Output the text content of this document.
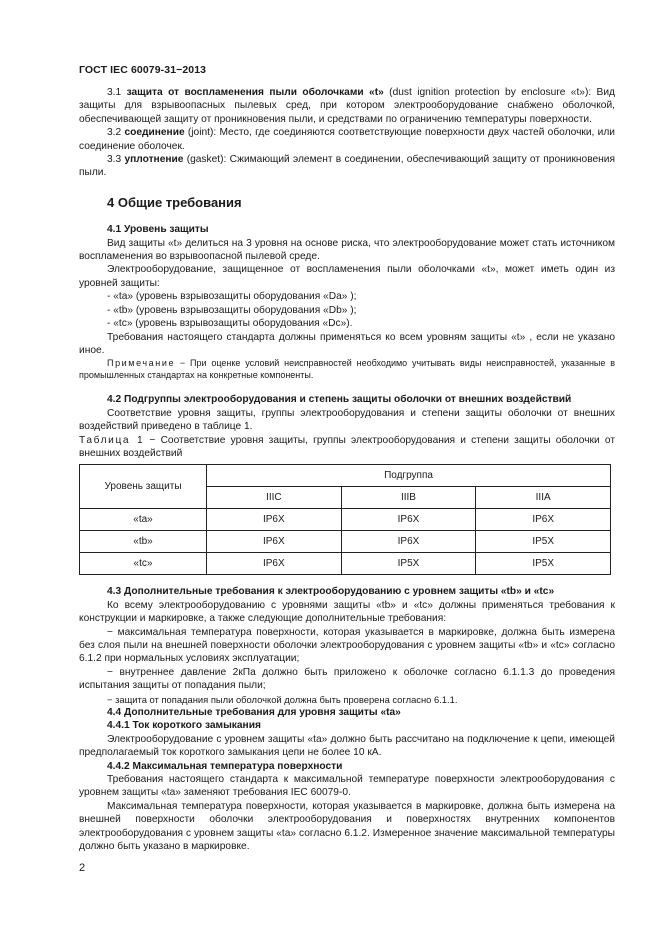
ГОСТ IEC 60079-31−2013

3.1 защита от воспламенения пыли оболочками «t» (dust ignition protection by enclosure «t»): Вид защиты для взрывоопасных пылевых сред, при котором электрооборудование снабжено оболочкой, обеспечивающей защиту от проникновения пыли, и средствами по ограничению температуры поверхности.

3.2 соединение (joint): Место, где соединяются соответствующие поверхности двух частей оболочки, или соединение оболочек.

3.3 уплотнение (gasket): Сжимающий элемент в соединении, обеспечивающий защиту от проникновения пыли.

4 Общие требования

4.1 Уровень защиты

Вид защиты «t» делиться на 3 уровня на основе риска, что электрооборудование может стать источником воспламенения во взрывоопасной пылевой среде.

Электрооборудование, защищенное от воспламенения пыли оболочками «t», может иметь один из уровней защиты:

- «ta» (уровень взрывозащиты оборудования «Da» );

- «tb» (уровень взрывозащиты оборудования «Db» );

- «tc» (уровень взрывозащиты оборудования «Dc»).

Требования настоящего стандарта должны применяться ко всем уровням защиты «t» , если не указано иное.

Примечание − При оценке условий неисправностей необходимо учитывать виды неисправностей, указанные в промышленных стандартах на конкретные компоненты.

4.2 Подгруппы электрооборудования и степень защиты оболочки от внешних воздействий

Соответствие уровня защиты, группы электрооборудования и степени защиты оболочки от внешних воздействий приведено в таблице 1.

Таблица 1 − Соответствие уровня защиты, группы электрооборудования и степени защиты оболочки от внешних воздействий

Уровень защиты	Подгруппа		
	IIIC	IIIB	IIIA
«ta»	IP6X	IP6X	IP6X
«tb»	IP6X	IP6X	IP5X
«tc»	IP6X	IP5X	IP5X

4.3 Дополнительные требования к электрооборудованию с уровнем защиты «tb» и «tc»

Ко всему электрооборудованию с уровнями защиты «tb» и «tc» должны применяться требования к конструкции и маркировке, а также следующие дополнительные требования:

− максимальная температура поверхности, которая указывается в маркировке, должна быть измерена без слоя пыли на внешней поверхности оболочки электрооборудования с уровнем защиты «tb» и «tc» согласно 6.1.2 при нормальных условиях эксплуатации;

− внутреннее давление 2кПа должно быть приложено к оболочке согласно 6.1.1.3 до проведения испытания защиты от попадания пыли;

− защита от попадания пыли оболочкой должна быть проверена согласно 6.1.1.

4.4 Дополнительные требования для уровня защиты «ta»

4.4.1 Ток короткого замыкания

Электрооборудование с уровнем защиты «ta» должно быть рассчитано на подключение к цепи, имеющей предполагаемый ток короткого замыкания цепи не более 10 кА.

4.4.2 Максимальная температура поверхности

Требования настоящего стандарта к максимальной температуре поверхности электрооборудования с уровнем защиты «ta» заменяют требования IEC 60079-0.

Максимальная температура поверхности, которая указывается в маркировке, должна быть измерена на внешней поверхности оболочки электрооборудования и поверхностях внутренних компонентов электрооборудования с уровнем защиты «ta» согласно 6.1.2. Измеренное значение максимальной температуры должно быть указано в маркировке.

2
